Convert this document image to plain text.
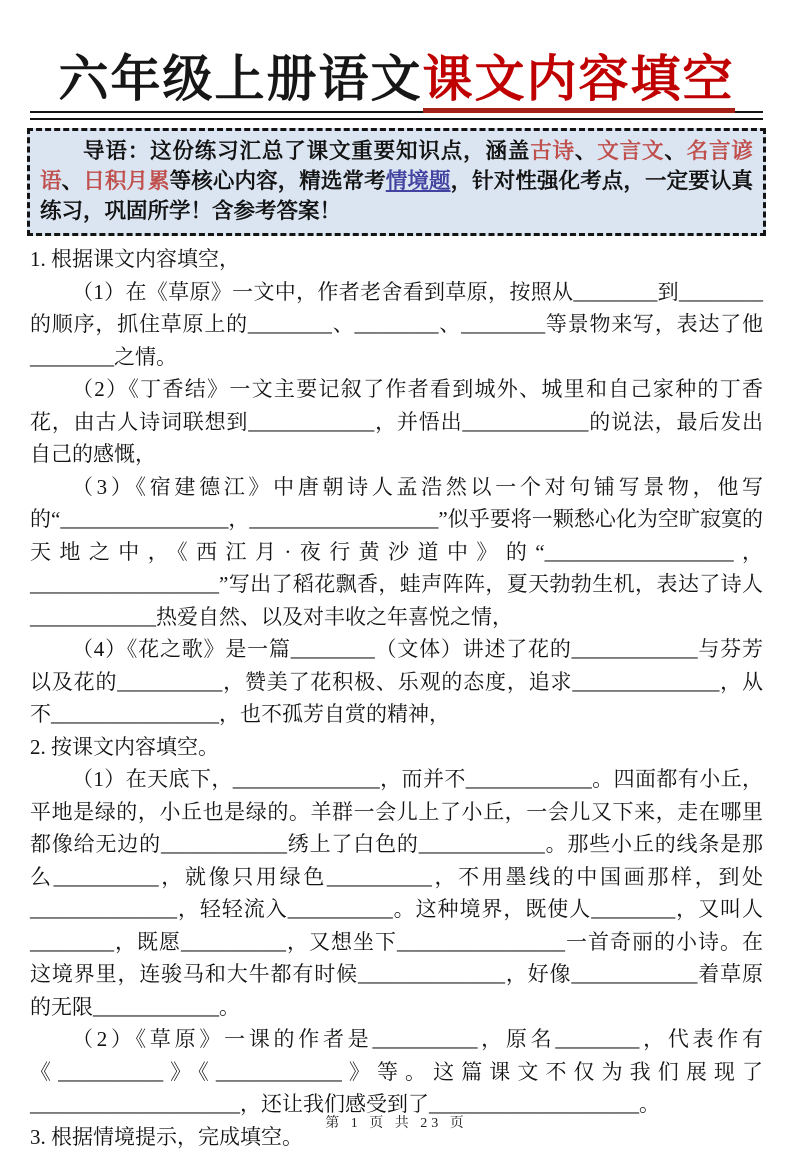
六年级上册语文课文内容填空
导语：这份练习汇总了课文重要知识点，涵盖古诗、文言文、名言谚语、日积月累等核心内容，精选常考情境题，针对性强化考点，一定要认真练习，巩固所学！含参考答案！

1. 根据课文内容填空，

（1）在《草原》一文中，作者老舍看到草原，按照从________到________的顺序，抓住草原上的________、________、________等景物来写，表达了他________之情。

（2）《丁香结》一文主要记叙了作者看到城外、城里和自己家种的丁香花，由古人诗词联想到____________，并悟出____________的说法，最后发出自己的感慨，

（3）《宿建德江》中唐朝诗人孟浩然以一个对句铺写景物，他写的“________________，__________________”似乎要将一颗愁心化为空旷寂寞的天地之中，《西江月·夜行黄沙道中》的“__________________，__________________”写出了稻花飘香，蛙声阵阵，夏天勃勃生机，表达了诗人____________热爱自然、以及对丰收之年喜悦之情，

（4）《花之歌》是一篇________（文体）讲述了花的____________与芬芳以及花的__________，赞美了花积极、乐观的态度，追求______________，从不________________，也不孤芳自赏的精神，

2. 按课文内容填空。

（1）在天底下，______________，而并不____________。四面都有小丘，平地是绿的，小丘也是绿的。羊群一会儿上了小丘，一会儿又下来，走在哪里都像给无边的____________绣上了白色的____________。那些小丘的线条是那么__________，就像只用绿色__________，不用墨线的中国画那样，到处______________，轻轻流入__________。这种境界，既使人________，又叫人________，既愿__________，又想坐下________________一首奇丽的小诗。在这境界里，连骏马和大牛都有时候______________，好像____________着草原的无限____________。

（2）《草原》一课的作者是__________，原名________，代表作有《__________》《____________》等。这篇课文不仅为我们展现了____________________，还让我们感受到了____________________。

3. 根据情境提示，完成填空。

第 1 页 共 23 页
